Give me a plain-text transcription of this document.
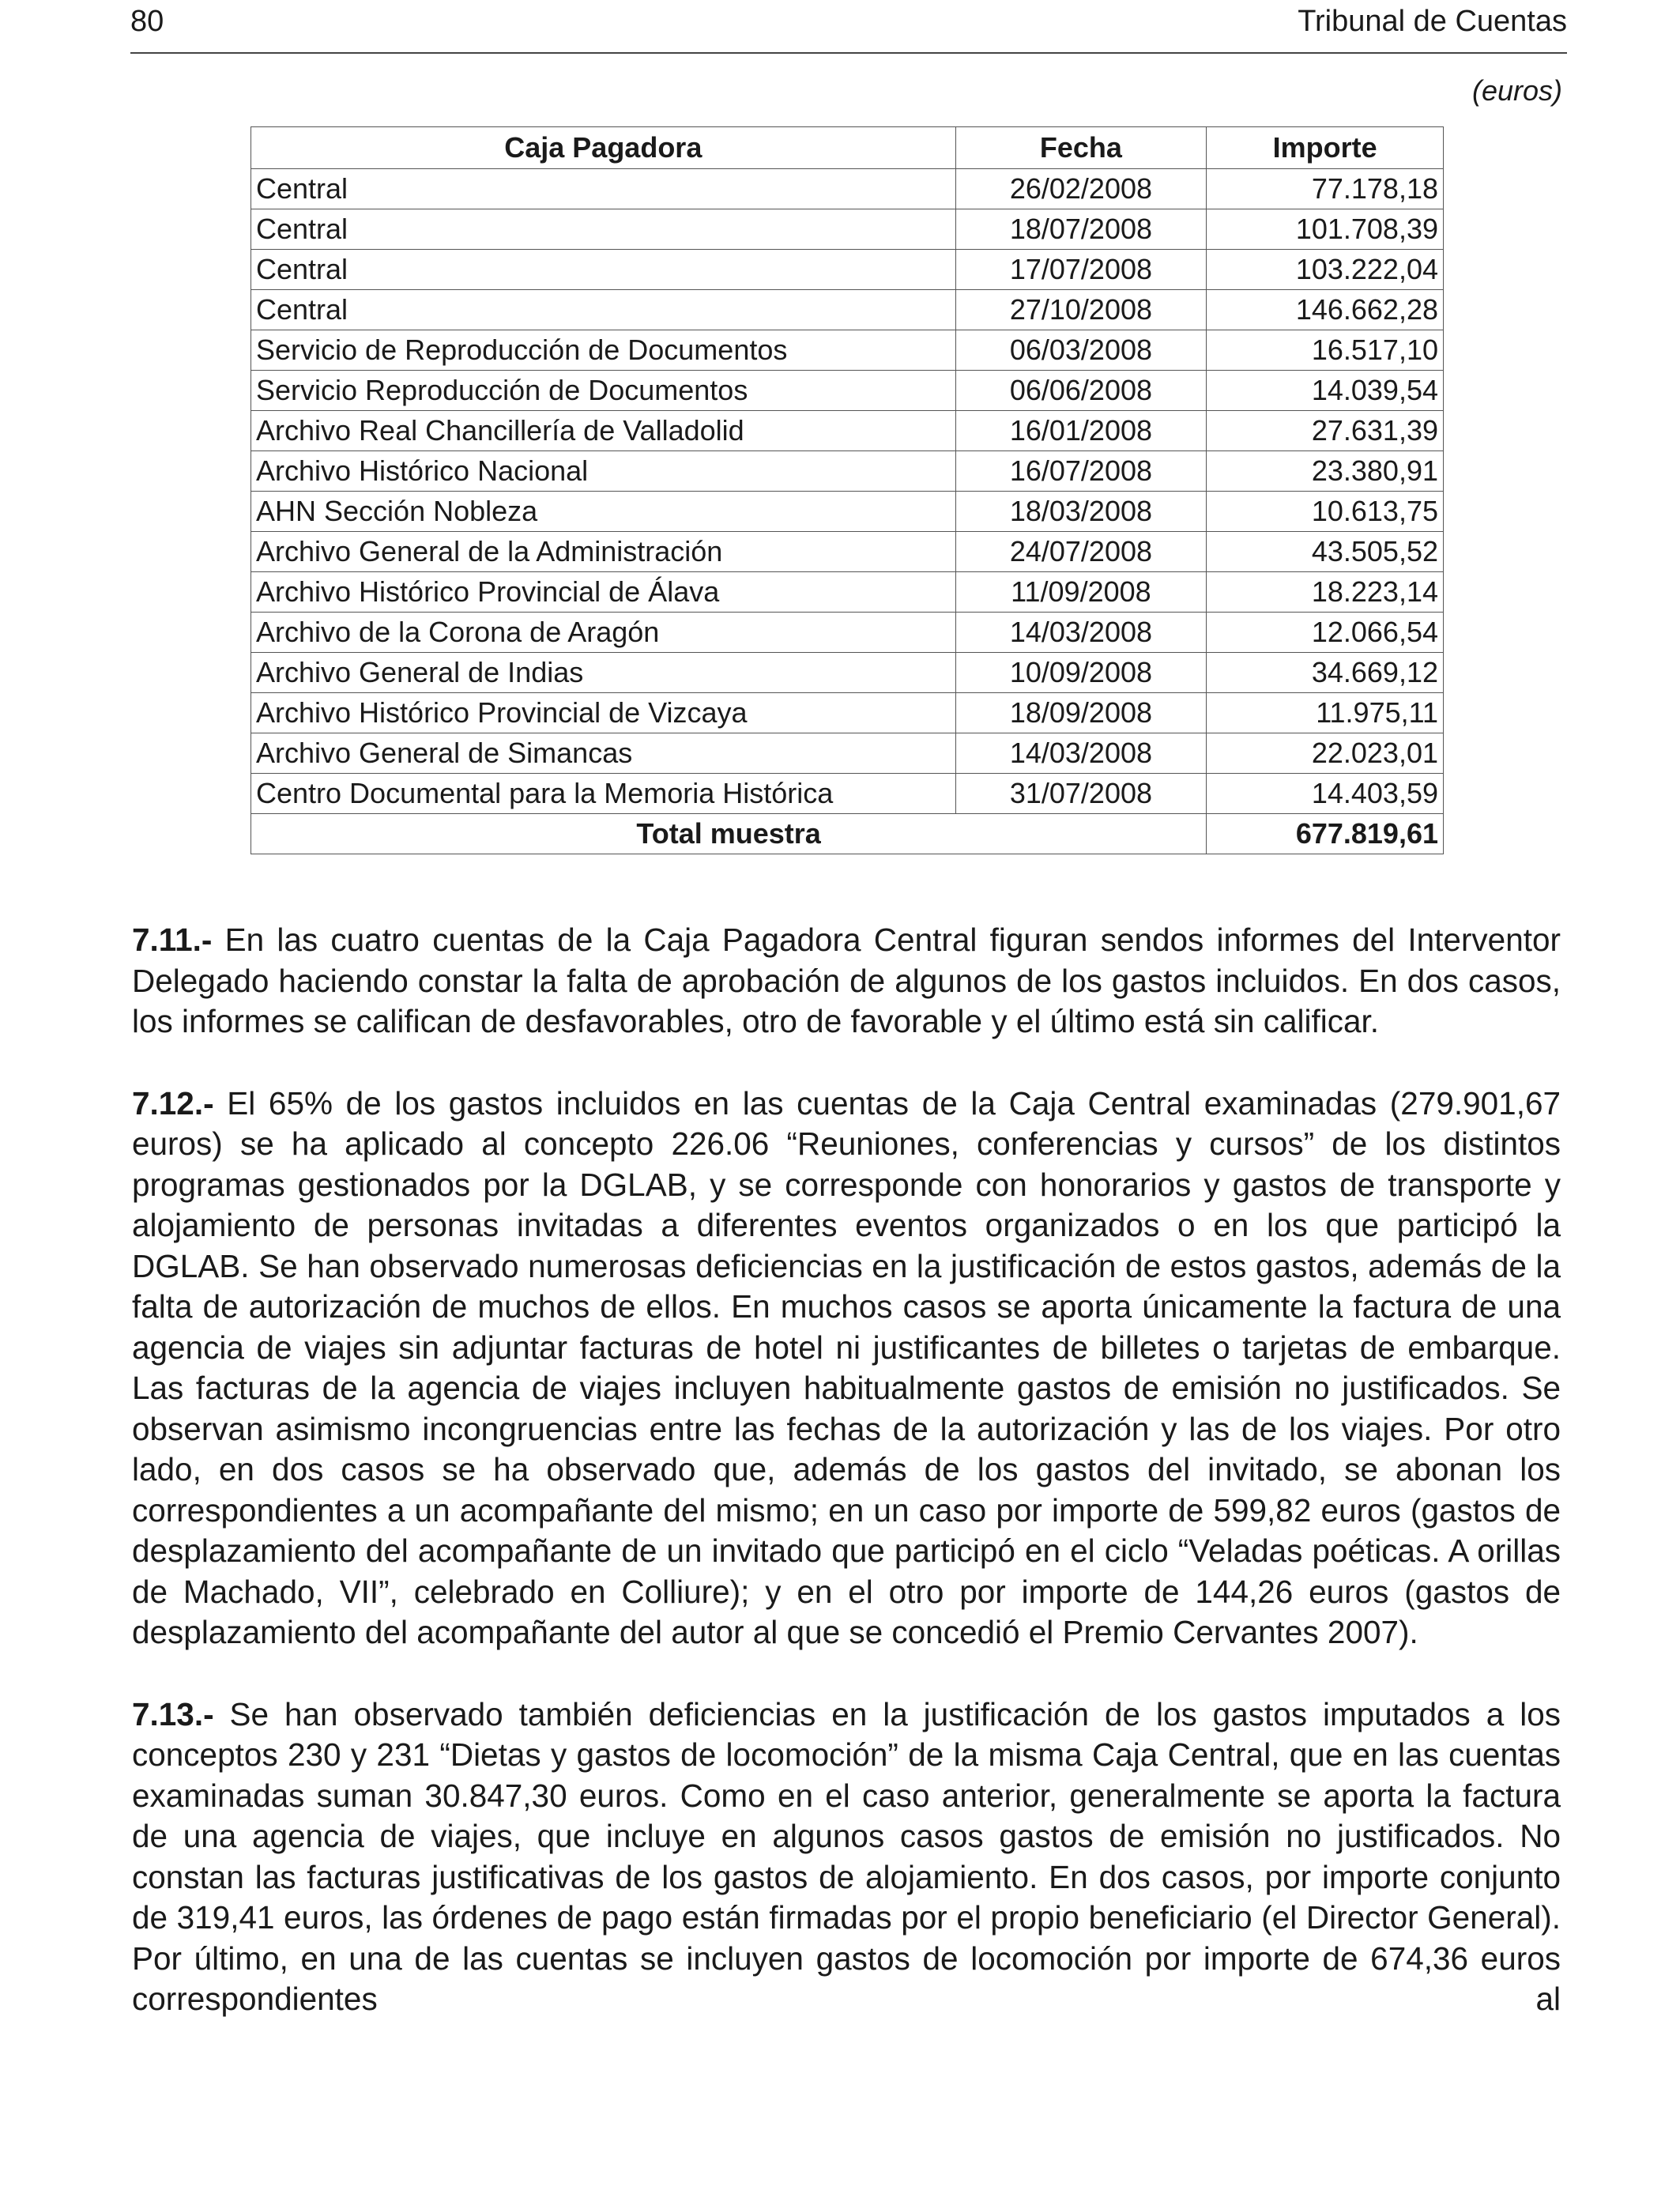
80	Tribunal de Cuentas
(euros)
Caja Pagadora	Fecha	Importe
Central	26/02/2008	77.178,18
Central	18/07/2008	101.708,39
Central	17/07/2008	103.222,04
Central	27/10/2008	146.662,28
Servicio de Reproducción de Documentos	06/03/2008	16.517,10
Servicio Reproducción de Documentos	06/06/2008	14.039,54
Archivo Real Chancillería de Valladolid	16/01/2008	27.631,39
Archivo Histórico Nacional	16/07/2008	23.380,91
AHN Sección Nobleza	18/03/2008	10.613,75
Archivo General de la Administración	24/07/2008	43.505,52
Archivo Histórico Provincial de Álava	11/09/2008	18.223,14
Archivo de la Corona de Aragón	14/03/2008	12.066,54
Archivo General de Indias	10/09/2008	34.669,12
Archivo Histórico Provincial de Vizcaya	18/09/2008	11.975,11
Archivo General de Simancas	14/03/2008	22.023,01
Centro Documental para la Memoria Histórica	31/07/2008	14.403,59
Total muestra		677.819,61

7.11.- En las cuatro cuentas de la Caja Pagadora Central figuran sendos informes del Interventor Delegado haciendo constar la falta de aprobación de algunos de los gastos incluidos. En dos casos, los informes se califican de desfavorables, otro de favorable y el último está sin calificar.

7.12.- El 65% de los gastos incluidos en las cuentas de la Caja Central examinadas (279.901,67 euros) se ha aplicado al concepto 226.06 “Reuniones, conferencias y cursos” de los distintos programas gestionados por la DGLAB, y se corresponde con honorarios y gastos de transporte y alojamiento de personas invitadas a diferentes eventos organizados o en los que participó la DGLAB. Se han observado numerosas deficiencias en la justificación de estos gastos, además de la falta de autorización de muchos de ellos. En muchos casos se aporta únicamente la factura de una agencia de viajes sin adjuntar facturas de hotel ni justificantes de billetes o tarjetas de embarque. Las facturas de la agencia de viajes incluyen habitualmente gastos de emisión no justificados. Se observan asimismo incongruencias entre las fechas de la autorización y las de los viajes. Por otro lado, en dos casos se ha observado que, además de los gastos del invitado, se abonan los correspondientes a un acompañante del mismo; en un caso por importe de 599,82 euros (gastos de desplazamiento del acompañante de un invitado que participó en el ciclo “Veladas poéticas. A orillas de Machado, VII”, celebrado en Colliure); y en el otro por importe de 144,26 euros (gastos de desplazamiento del acompañante del autor al que se concedió el Premio Cervantes 2007).

7.13.- Se han observado también deficiencias en la justificación de los gastos imputados a los conceptos 230 y 231 “Dietas y gastos de locomoción” de la misma Caja Central, que en las cuentas examinadas suman 30.847,30 euros. Como en el caso anterior, generalmente se aporta la factura de una agencia de viajes, que incluye en algunos casos gastos de emisión no justificados. No constan las facturas justificativas de los gastos de alojamiento. En dos casos, por importe conjunto de 319,41 euros, las órdenes de pago están firmadas por el propio beneficiario (el Director General). Por último, en una de las cuentas se incluyen gastos de locomoción por importe de 674,36 euros correspondientes al
